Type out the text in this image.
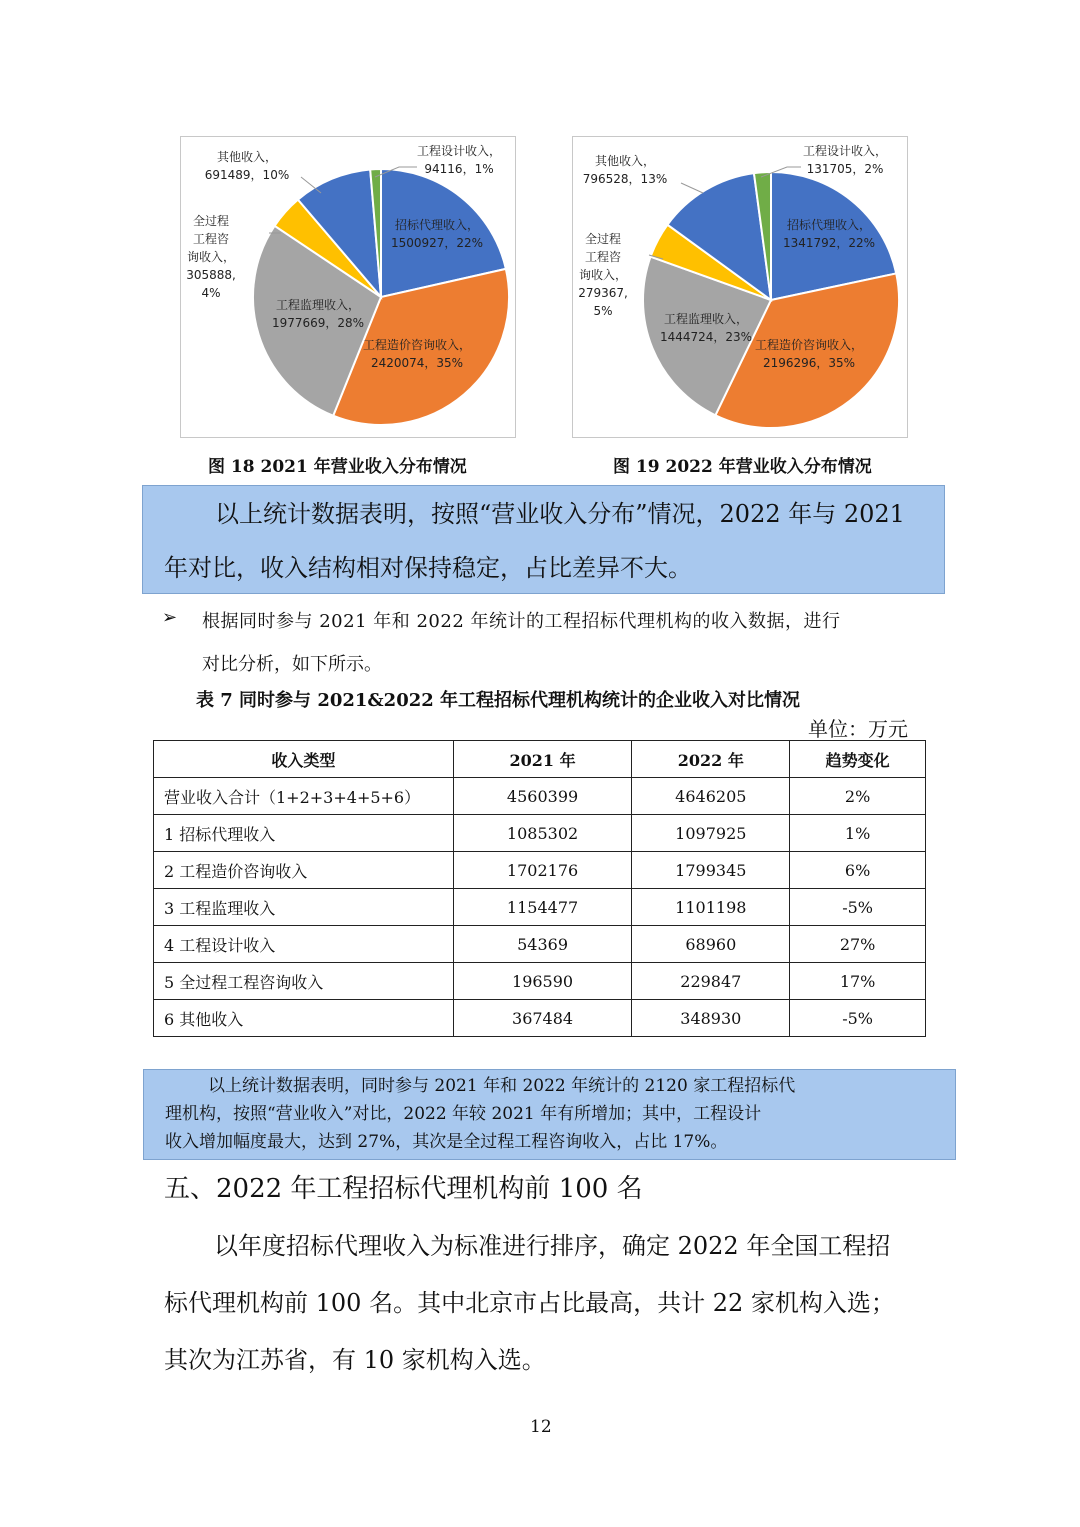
工程设计收入， 94116，1%
招标代理收入， 1500927，22%
工程造价咨询收入， 2420074，35%
工程监理收入， 1977669，28%
全过程工程咨询收入， 305888, 4%
其他收入， 691489，10%
图 18 2021 年营业收入分布情况
工程设计收入， 131705，2%
招标代理收入， 1341792，22%
工程造价咨询收入， 2196296，35%
工程监理收入， 1444724，23%
全过程工程咨询收入， 279367, 5%
其他收入， 796528，13%
图 19 2022 年营业收入分布情况
以上统计数据表明，按照“营业收入分布”情况，2022 年与 2021
年对比，收入结构相对保持稳定，占比差异不大。
➢ 根据同时参与 2021 年和 2022 年统计的工程招标代理机构的收入数据，进行
对比分析，如下所示。
表 7 同时参与 2021&2022 年工程招标代理机构统计的企业收入对比情况
单位：万元
收入类型	2021 年	2022 年	趋势变化
营业收入合计（1+2+3+4+5+6）	4560399	4646205	2%
1 招标代理收入	1085302	1097925	1%
2 工程造价咨询收入	1702176	1799345	6%
3 工程监理收入	1154477	1101198	-5%
4 工程设计收入	54369	68960	27%
5 全过程工程咨询收入	196590	229847	17%
6 其他收入	367484	348930	-5%
以上统计数据表明，同时参与 2021 年和 2022 年统计的 2120 家工程招标代
理机构，按照“营业收入”对比，2022 年较 2021 年有所增加；其中，工程设计
收入增加幅度最大，达到 27%，其次是全过程工程咨询收入，占比 17%。
五、2022 年工程招标代理机构前 100 名
以年度招标代理收入为标准进行排序，确定 2022 年全国工程招
标代理机构前 100 名。其中北京市占比最高，共计 22 家机构入选；
其次为江苏省，有 10 家机构入选。
12
